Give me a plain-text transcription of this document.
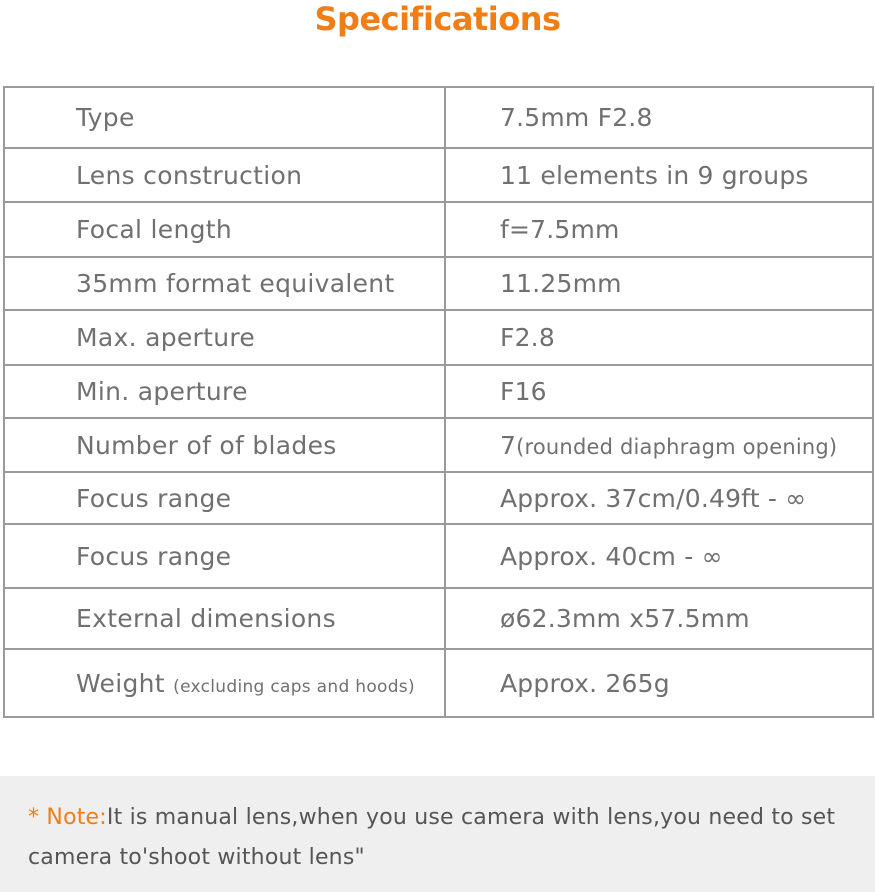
Specifications
Type	7.5mm F2.8
Lens construction	11 elements in 9 groups
Focal length	f=7.5mm
35mm format equivalent	11.25mm
Max. aperture	F2.8
Min. aperture	F16
Number of of blades	7(rounded diaphragm opening)
Focus range	Approx. 37cm/0.49ft - ∞
Focus range	Approx. 40cm - ∞
External dimensions	ø62.3mm x57.5mm
Weight (excluding caps and hoods)	Approx. 265g
* Note:It is manual lens,when you use camera with lens,you need to set camera to'shoot without lens"
